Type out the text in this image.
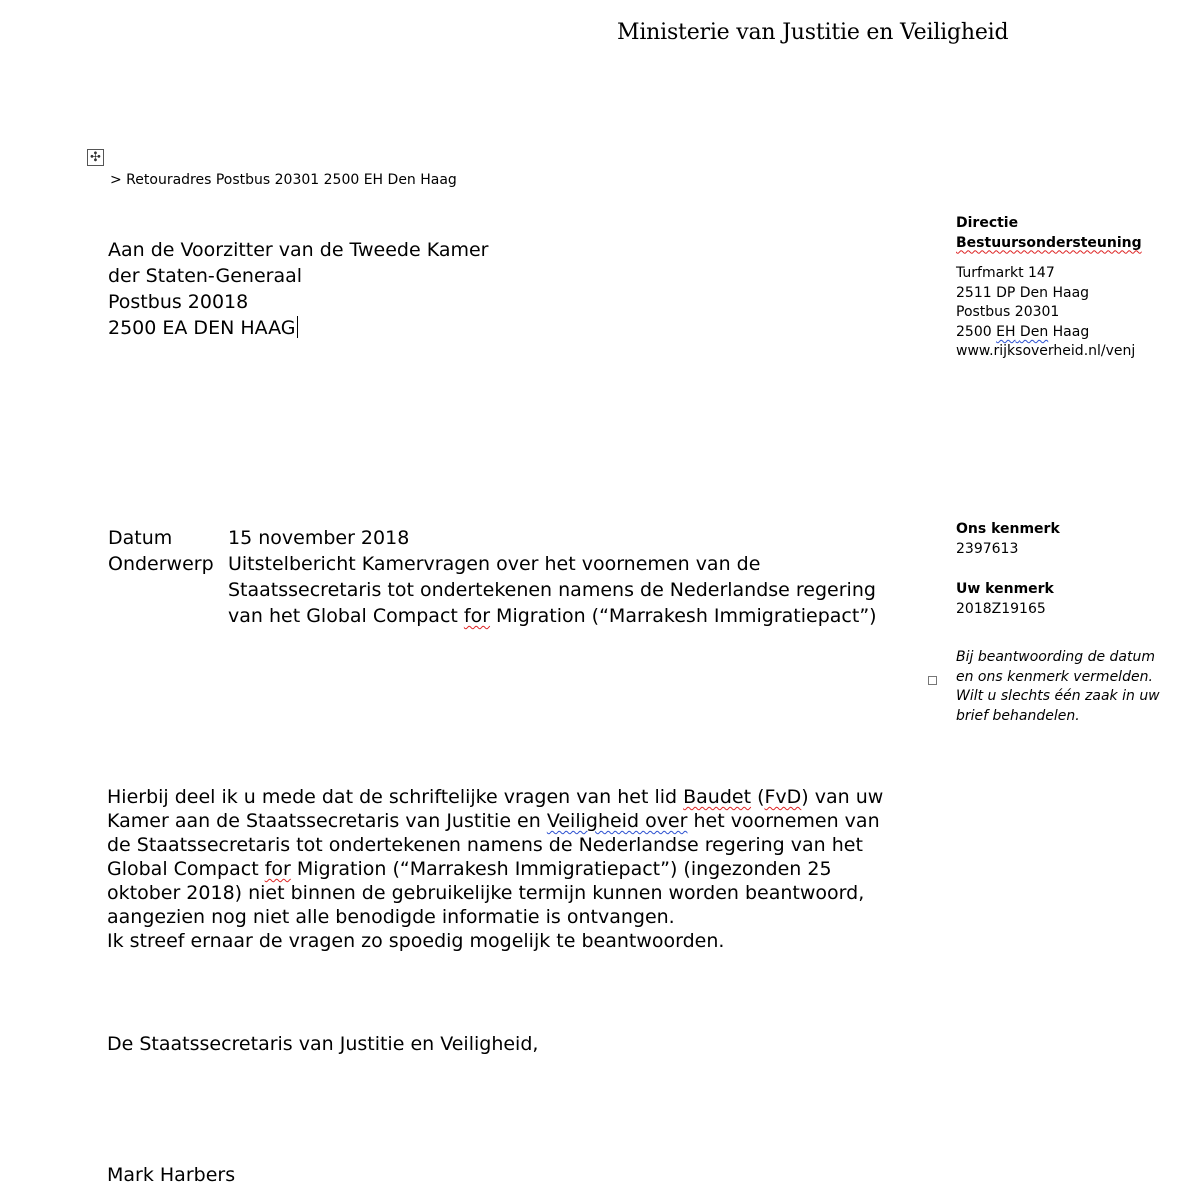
Ministerie van Justitie en Veiligheid
✣
> Retouradres Postbus 20301 2500 EH Den Haag
Aan de Voorzitter van de Tweede Kamer
der Staten-Generaal
Postbus 20018
2500 EA DEN HAAG
Directie
Bestuursondersteuning
Turfmarkt 147
2511 DP Den Haag
Postbus 20301
2500 EH Den Haag
www.rijksoverheid.nl/venj
Ons kenmerk
2397613
Uw kenmerk
2018Z19165
Bij beantwoording de datum
en ons kenmerk vermelden.
Wilt u slechts één zaak in uw
brief behandelen.
Datum
Onderwerp
15 november 2018
Uitstelbericht Kamervragen over het voornemen van de
Staatssecretaris tot ondertekenen namens de Nederlandse regering
van het Global Compact for Migration (“Marrakesh Immigratiepact”)
Hierbij deel ik u mede dat de schriftelijke vragen van het lid Baudet (FvD) van uw
Kamer aan de Staatssecretaris van Justitie en Veiligheid over het voornemen van
de Staatssecretaris tot ondertekenen namens de Nederlandse regering van het
Global Compact for Migration (“Marrakesh Immigratiepact”) (ingezonden 25
oktober 2018) niet binnen de gebruikelijke termijn kunnen worden beantwoord,
aangezien nog niet alle benodigde informatie is ontvangen.
Ik streef ernaar de vragen zo spoedig mogelijk te beantwoorden.
De Staatssecretaris van Justitie en Veiligheid,
Mark Harbers
